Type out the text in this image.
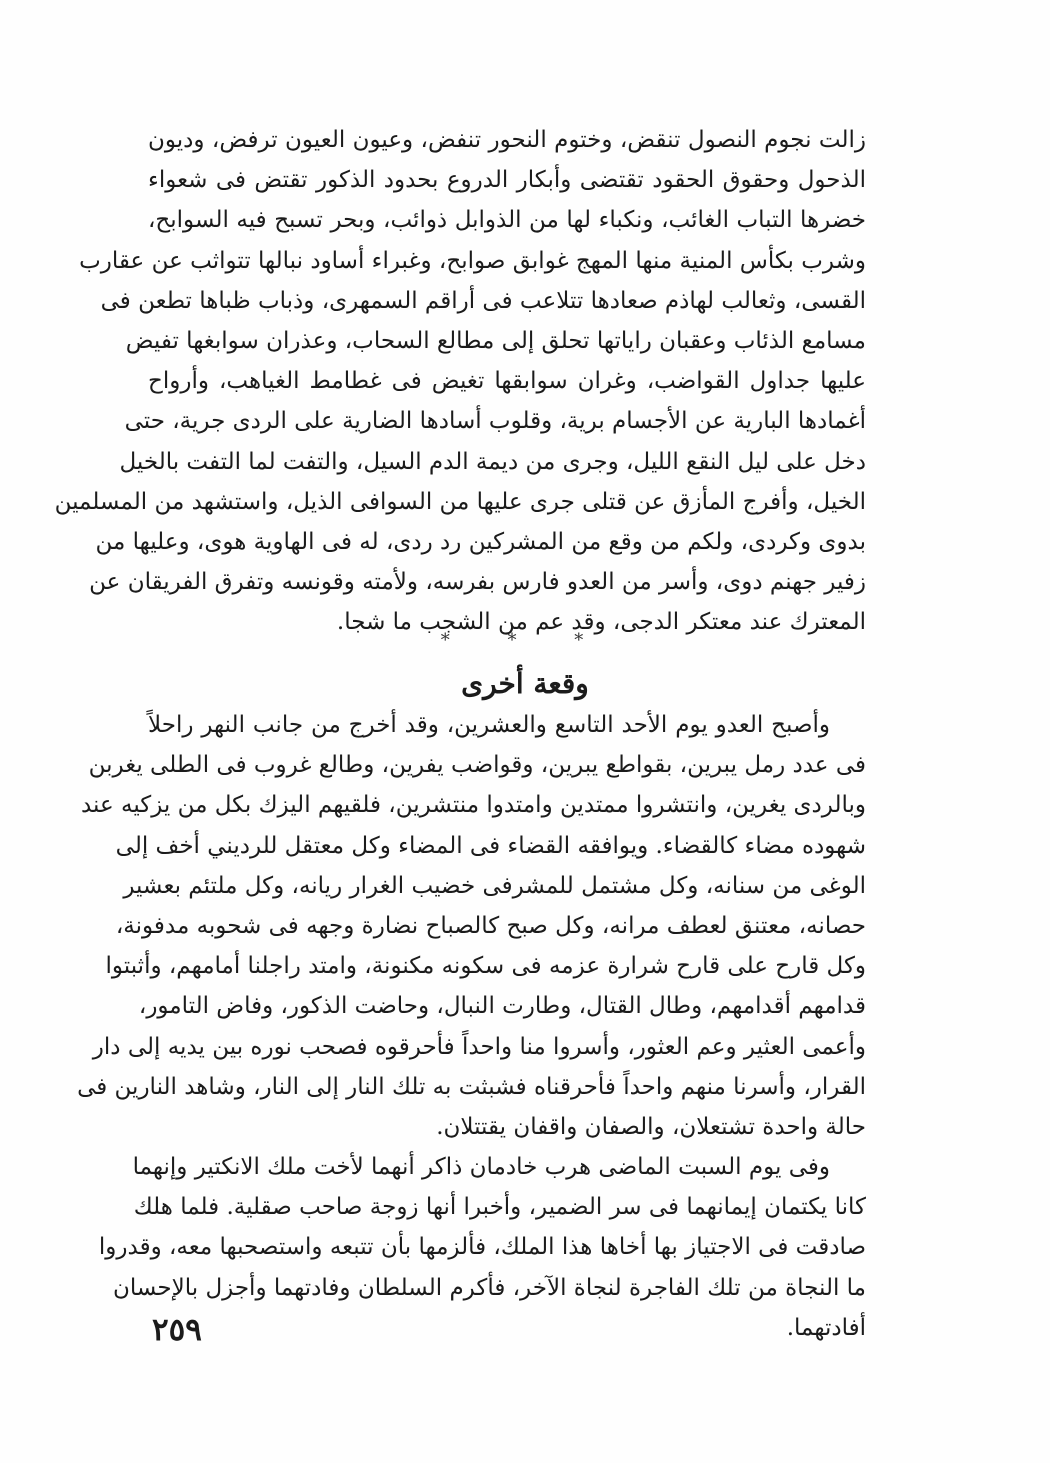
زالت نجوم النصول تنقض، وختوم النحور تنفض، وعيون العيون ترفض، وديون
الذحول وحقوق الحقود تقتضى وأبكار الدروع بحدود الذكور تقتض فى شعواء
خضرها التباب الغائب، ونكباء لها من الذوابل ذوائب، وبحر تسبح فيه السوابح،
وشرب بكأس المنية منها المهج غوابق صوابح، وغبراء أساود نبالها تتواثب عن عقارب
القسى، وثعالب لهاذم صعادها تتلاعب فى أراقم السمهرى، وذباب ظباها تطعن فى
مسامع الذئاب وعقبان راياتها تحلق إلى مطالع السحاب، وعذران سوابغها تفيض
عليها جداول القواضب، وغران سوابقها تغيض فى غطامط الغياهب، وأرواح
أغمادها البارية عن الأجسام برية، وقلوب أسادها الضارية على الردى جرية، حتى
دخل على ليل النقع الليل، وجرى من ديمة الدم السيل، والتفت لما التفت بالخيل
الخيل، وأفرج المأزق عن قتلى جرى عليها من السوافى الذيل، واستشهد من المسلمين
بدوى وكردى، ولكم من وقع من المشركين رد ردى، له فى الهاوية هوى، وعليها من
زفير جهنم دوى، وأسر من العدو فارس بفرسه، ولأمته وقونسه وتفرق الفريقان عن
المعترك عند معتكر الدجى، وقد عم من الشجب ما شجا.
* * *
وقعة أخرى
وأصبح العدو يوم الأحد التاسع والعشرين، وقد أخرج من جانب النهر راحلاً
فى عدد رمل يبرين، بقواطع يبرين، وقواضب يفرين، وطالع غروب فى الطلى يغربن
وبالردى يغرين، وانتشروا ممتدين وامتدوا منتشرين، فلقيهم اليزك بكل من يزكيه عند
شهوده مضاء كالقضاء. ويوافقه القضاء فى المضاء وكل معتقل للرديني أخف إلى
الوغى من سنانه، وكل مشتمل للمشرفى خضيب الغرار ريانه، وكل ملتئم بعشير
حصانه، معتنق لعطف مرانه، وكل صبح كالصباح نضارة وجهه فى شحوبه مدفونة،
وكل قارح على قارح شرارة عزمه فى سكونه مكنونة، وامتد راجلنا أمامهم، وأثبتوا
قدامهم أقدامهم، وطال القتال، وطارت النبال، وحاضت الذكور، وفاض التامور،
وأعمى العثير وعم العثور، وأسروا منا واحداً فأحرقوه فصحب نوره بين يديه إلى دار
القرار، وأسرنا منهم واحداً فأحرقناه فشبثت به تلك النار إلى النار، وشاهد النارين فى
حالة واحدة تشتعلان، والصفان واقفان يقتتلان.
وفى يوم السبت الماضى هرب خادمان ذاكر أنهما لأخت ملك الانكتير وإنهما
كانا يكتمان إيمانهما فى سر الضمير، وأخبرا أنها زوجة صاحب صقلية. فلما هلك
صادقت فى الاجتياز بها أخاها هذا الملك، فألزمها بأن تتبعه واستصحبها معه، وقدروا
ما النجاة من تلك الفاجرة لنجاة الآخر، فأكرم السلطان وفادتهما وأجزل بالإحسان
أفادتهما.
٢٥٩
